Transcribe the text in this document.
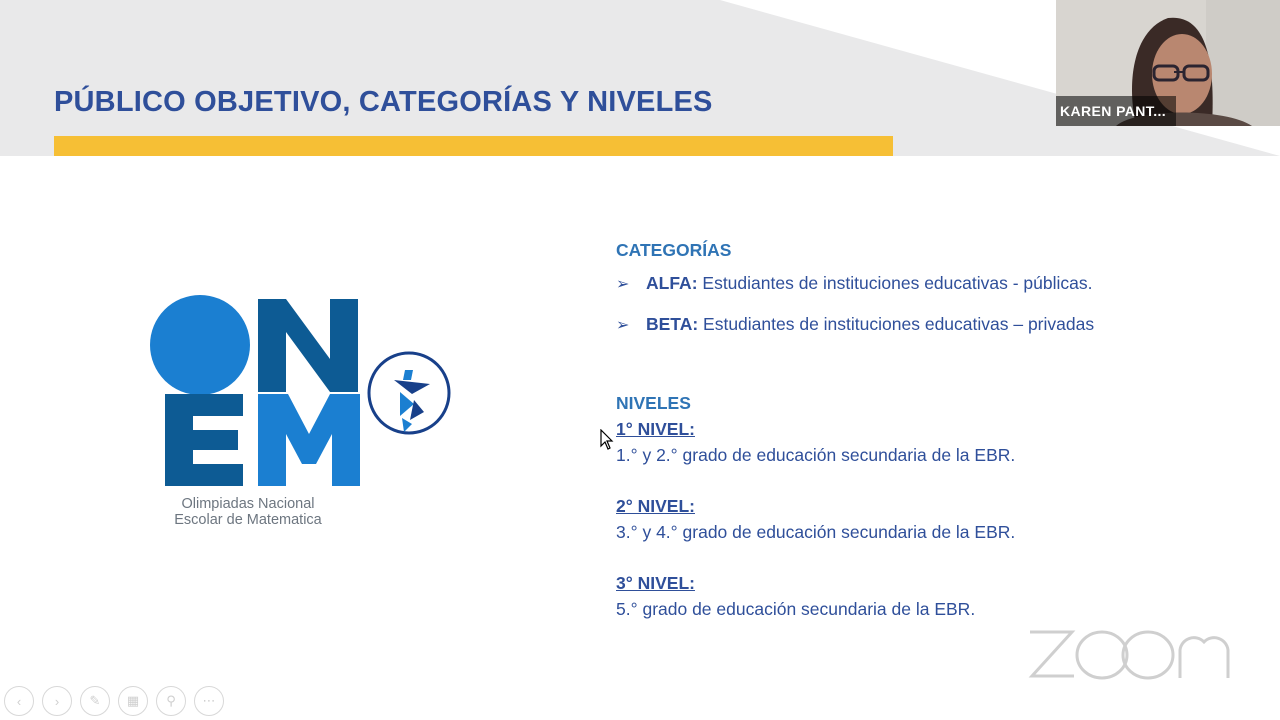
PÚBLICO OBJETIVO, CATEGORÍAS Y NIVELES
Olimpiadas Nacional
Escolar de Matematica
CATEGORÍAS
➢ ALFA: Estudiantes de instituciones educativas - públicas.
➢ BETA: Estudiantes de instituciones educativas – privadas
NIVELES
1° NIVEL:
1.° y 2.° grado de educación secundaria de la EBR.
2° NIVEL:
3.° y 4.° grado de educación secundaria de la EBR.
3° NIVEL:
5.° grado de educación secundaria de la EBR.
KAREN PANT...
‹	›	✎	▦	⚲	⋯
